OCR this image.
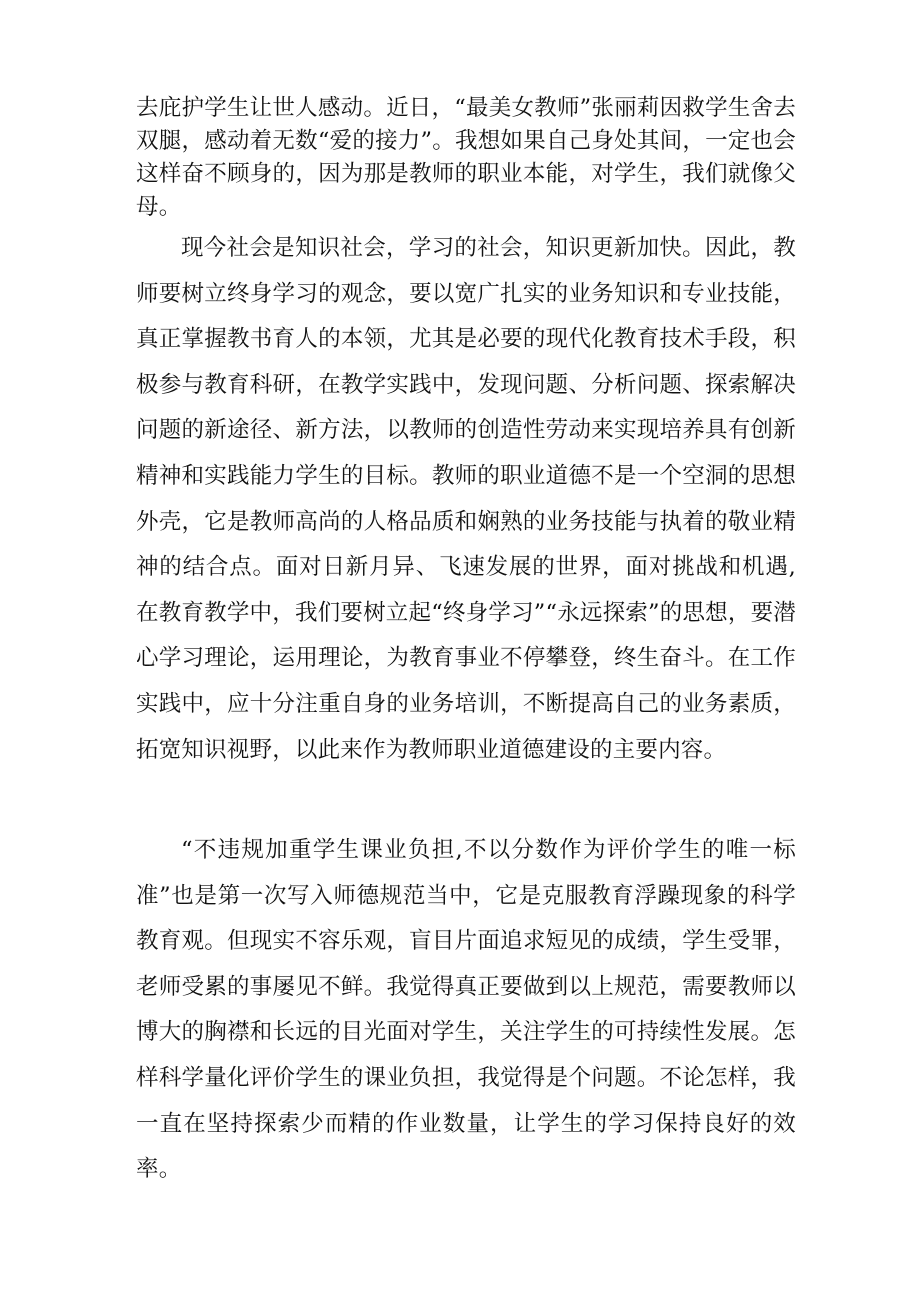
去庇护学生让世人感动。近日，“最美女教师”张丽莉因救学生舍去双腿，感动着无数“爱的接力”。我想如果自己身处其间，一定也会这样奋不顾身的，因为那是教师的职业本能，对学生，我们就像父母。

现今社会是知识社会，学习的社会，知识更新加快。因此，教师要树立终身学习的观念，要以宽广扎实的业务知识和专业技能，真正掌握教书育人的本领，尤其是必要的现代化教育技术手段，积极参与教育科研，在教学实践中，发现问题、分析问题、探索解决问题的新途径、新方法，以教师的创造性劳动来实现培养具有创新精神和实践能力学生的目标。教师的职业道德不是一个空洞的思想外壳，它是教师高尚的人格品质和娴熟的业务技能与执着的敬业精神的结合点。面对日新月异、飞速发展的世界，面对挑战和机遇,在教育教学中，我们要树立起“终身学习”“永远探索”的思想，要潜心学习理论，运用理论，为教育事业不停攀登，终生奋斗。在工作实践中，应十分注重自身的业务培训，不断提高自己的业务素质，拓宽知识视野，以此来作为教师职业道德建设的主要内容。

“不违规加重学生课业负担,不以分数作为评价学生的唯一标准”也是第一次写入师德规范当中，它是克服教育浮躁现象的科学教育观。但现实不容乐观，盲目片面追求短见的成绩，学生受罪，老师受累的事屡见不鲜。我觉得真正要做到以上规范，需要教师以博大的胸襟和长远的目光面对学生，关注学生的可持续性发展。怎样科学量化评价学生的课业负担，我觉得是个问题。不论怎样，我一直在坚持探索少而精的作业数量，让学生的学习保持良好的效率。
